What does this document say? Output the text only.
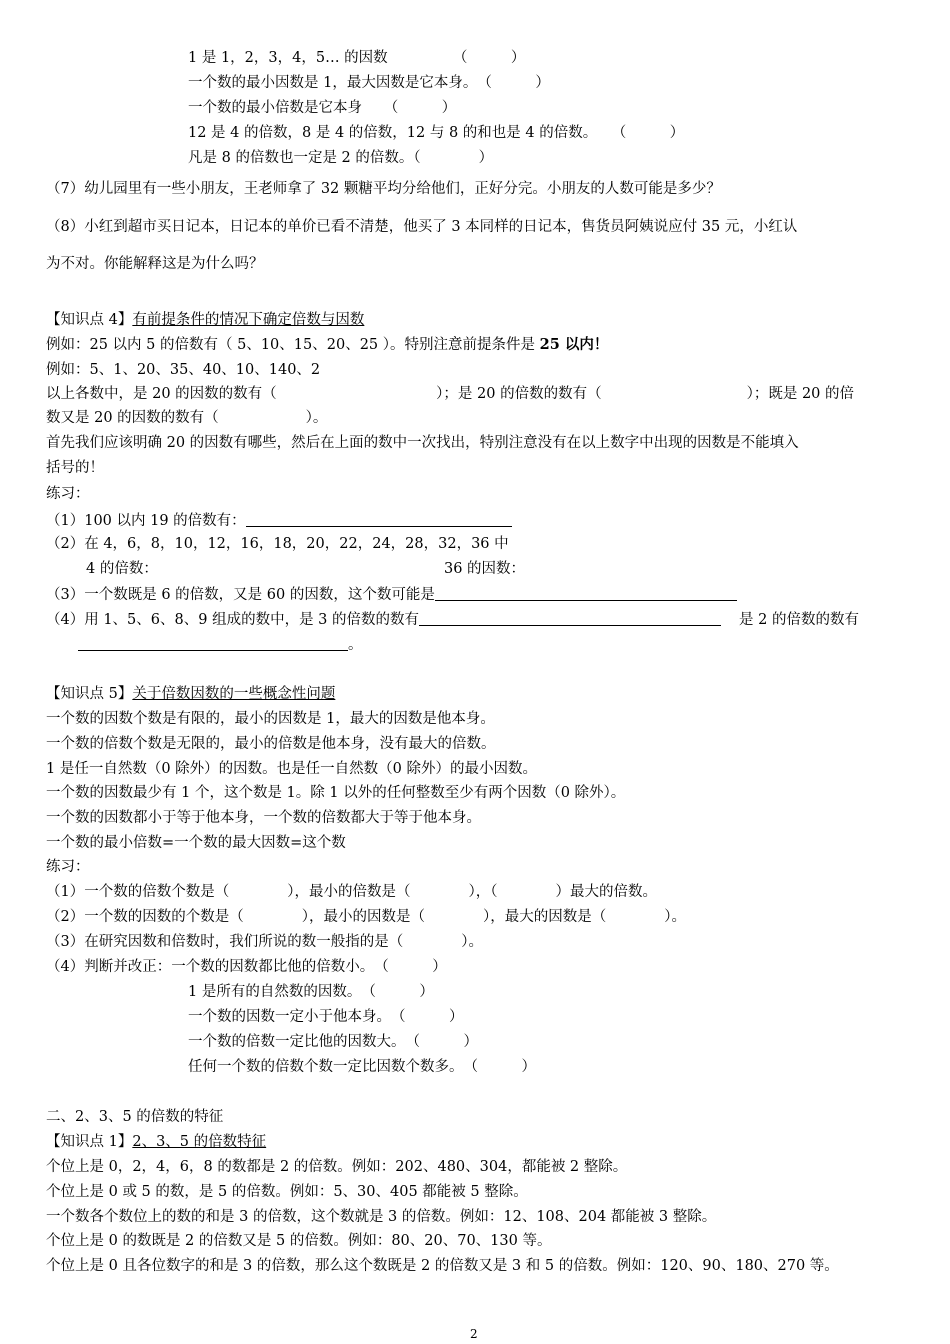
1 是 1，2，3，4，5… 的因数　　　　　（　　　）
一个数的最小因数是 1，最大因数是它本身。　（　　　）
一个数的最小倍数是它本身　　（　　　）
12 是 4 的倍数，8 是 4 的倍数，12 与 8 的和也是 4 的倍数。　　（　　　）
凡是 8 的倍数也一定是 2 的倍数。（　　　　）
（7）幼儿园里有一些小朋友，王老师拿了 32 颗糖平均分给他们，正好分完。小朋友的人数可能是多少？
（8）小红到超市买日记本，日记本的单价已看不清楚，他买了 3 本同样的日记本，售货员阿姨说应付 35 元，小红认
为不对。你能解释这是为什么吗？
【知识点 4】有前提条件的情况下确定倍数与因数
例如：25 以内 5 的倍数有（ 5、10、15、20、25 ）。特别注意前提条件是 25 以内！
例如：5、1、20、35、40、10、140、2
以上各数中，是 20 的因数的数有（　　　　　　　　　　　）；是 20 的倍数的数有（　　　　　　　　　　）；既是 20 的倍
数又是 20 的因数的数有（　　　　　　）。
首先我们应该明确 20 的因数有哪些，然后在上面的数中一次找出，特别注意没有在以上数字中出现的因数是不能填入
括号的！
练习：
（1）100 以内 19 的倍数有：
（2）在 4，6，8，10，12，16，18，20，22，24，28，32，36 中
4 的倍数：	36 的因数：
（3）一个数既是 6 的倍数，又是 60 的因数，这个数可能是
（4）用 1、5、6、8、9 组成的数中，是 3 的倍数的数有	是 2 的倍数的数有
。
【知识点 5】关于倍数因数的一些概念性问题
一个数的因数个数是有限的，最小的因数是 1，最大的因数是他本身。
一个数的倍数个数是无限的，最小的倍数是他本身，没有最大的倍数。
1 是任一自然数（0 除外）的因数。也是任一自然数（0 除外）的最小因数。
一个数的因数最少有 1 个，这个数是 1。除 1 以外的任何整数至少有两个因数（0 除外）。
一个数的因数都小于等于他本身，一个数的倍数都大于等于他本身。
一个数的最小倍数=一个数的最大因数=这个数
练习：
（1）一个数的倍数个数是（　　　　），最小的倍数是（　　　　），（　　　　）最大的倍数。
（2）一个数的因数的个数是（　　　　），最小的因数是（　　　　），最大的因数是（　　　　）。
（3）在研究因数和倍数时，我们所说的数一般指的是（　　　　）。
（4）判断并改正：一个数的因数都比他的倍数小。　（　　　）
1 是所有的自然数的因数。　（　　　）
一个数的因数一定小于他本身。　（　　　）
一个数的倍数一定比他的因数大。　（　　　）
任何一个数的倍数个数一定比因数个数多。　（　　　）
二、2、3、5 的倍数的特征
【知识点 1】2、3、5 的倍数特征
个位上是 0，2，4，6，8 的数都是 2 的倍数。例如：202、480、304，都能被 2 整除。
个位上是 0 或 5 的数，是 5 的倍数。例如：5、30、405 都能被 5 整除。
一个数各个数位上的数的和是 3 的倍数，这个数就是 3 的倍数。例如：12、108、204 都能被 3 整除。
个位上是 0 的数既是 2 的倍数又是 5 的倍数。例如：80、20、70、130 等。
个位上是 0 且各位数字的和是 3 的倍数，那么这个数既是 2 的倍数又是 3 和 5 的倍数。例如：120、90、180、270 等。
2
